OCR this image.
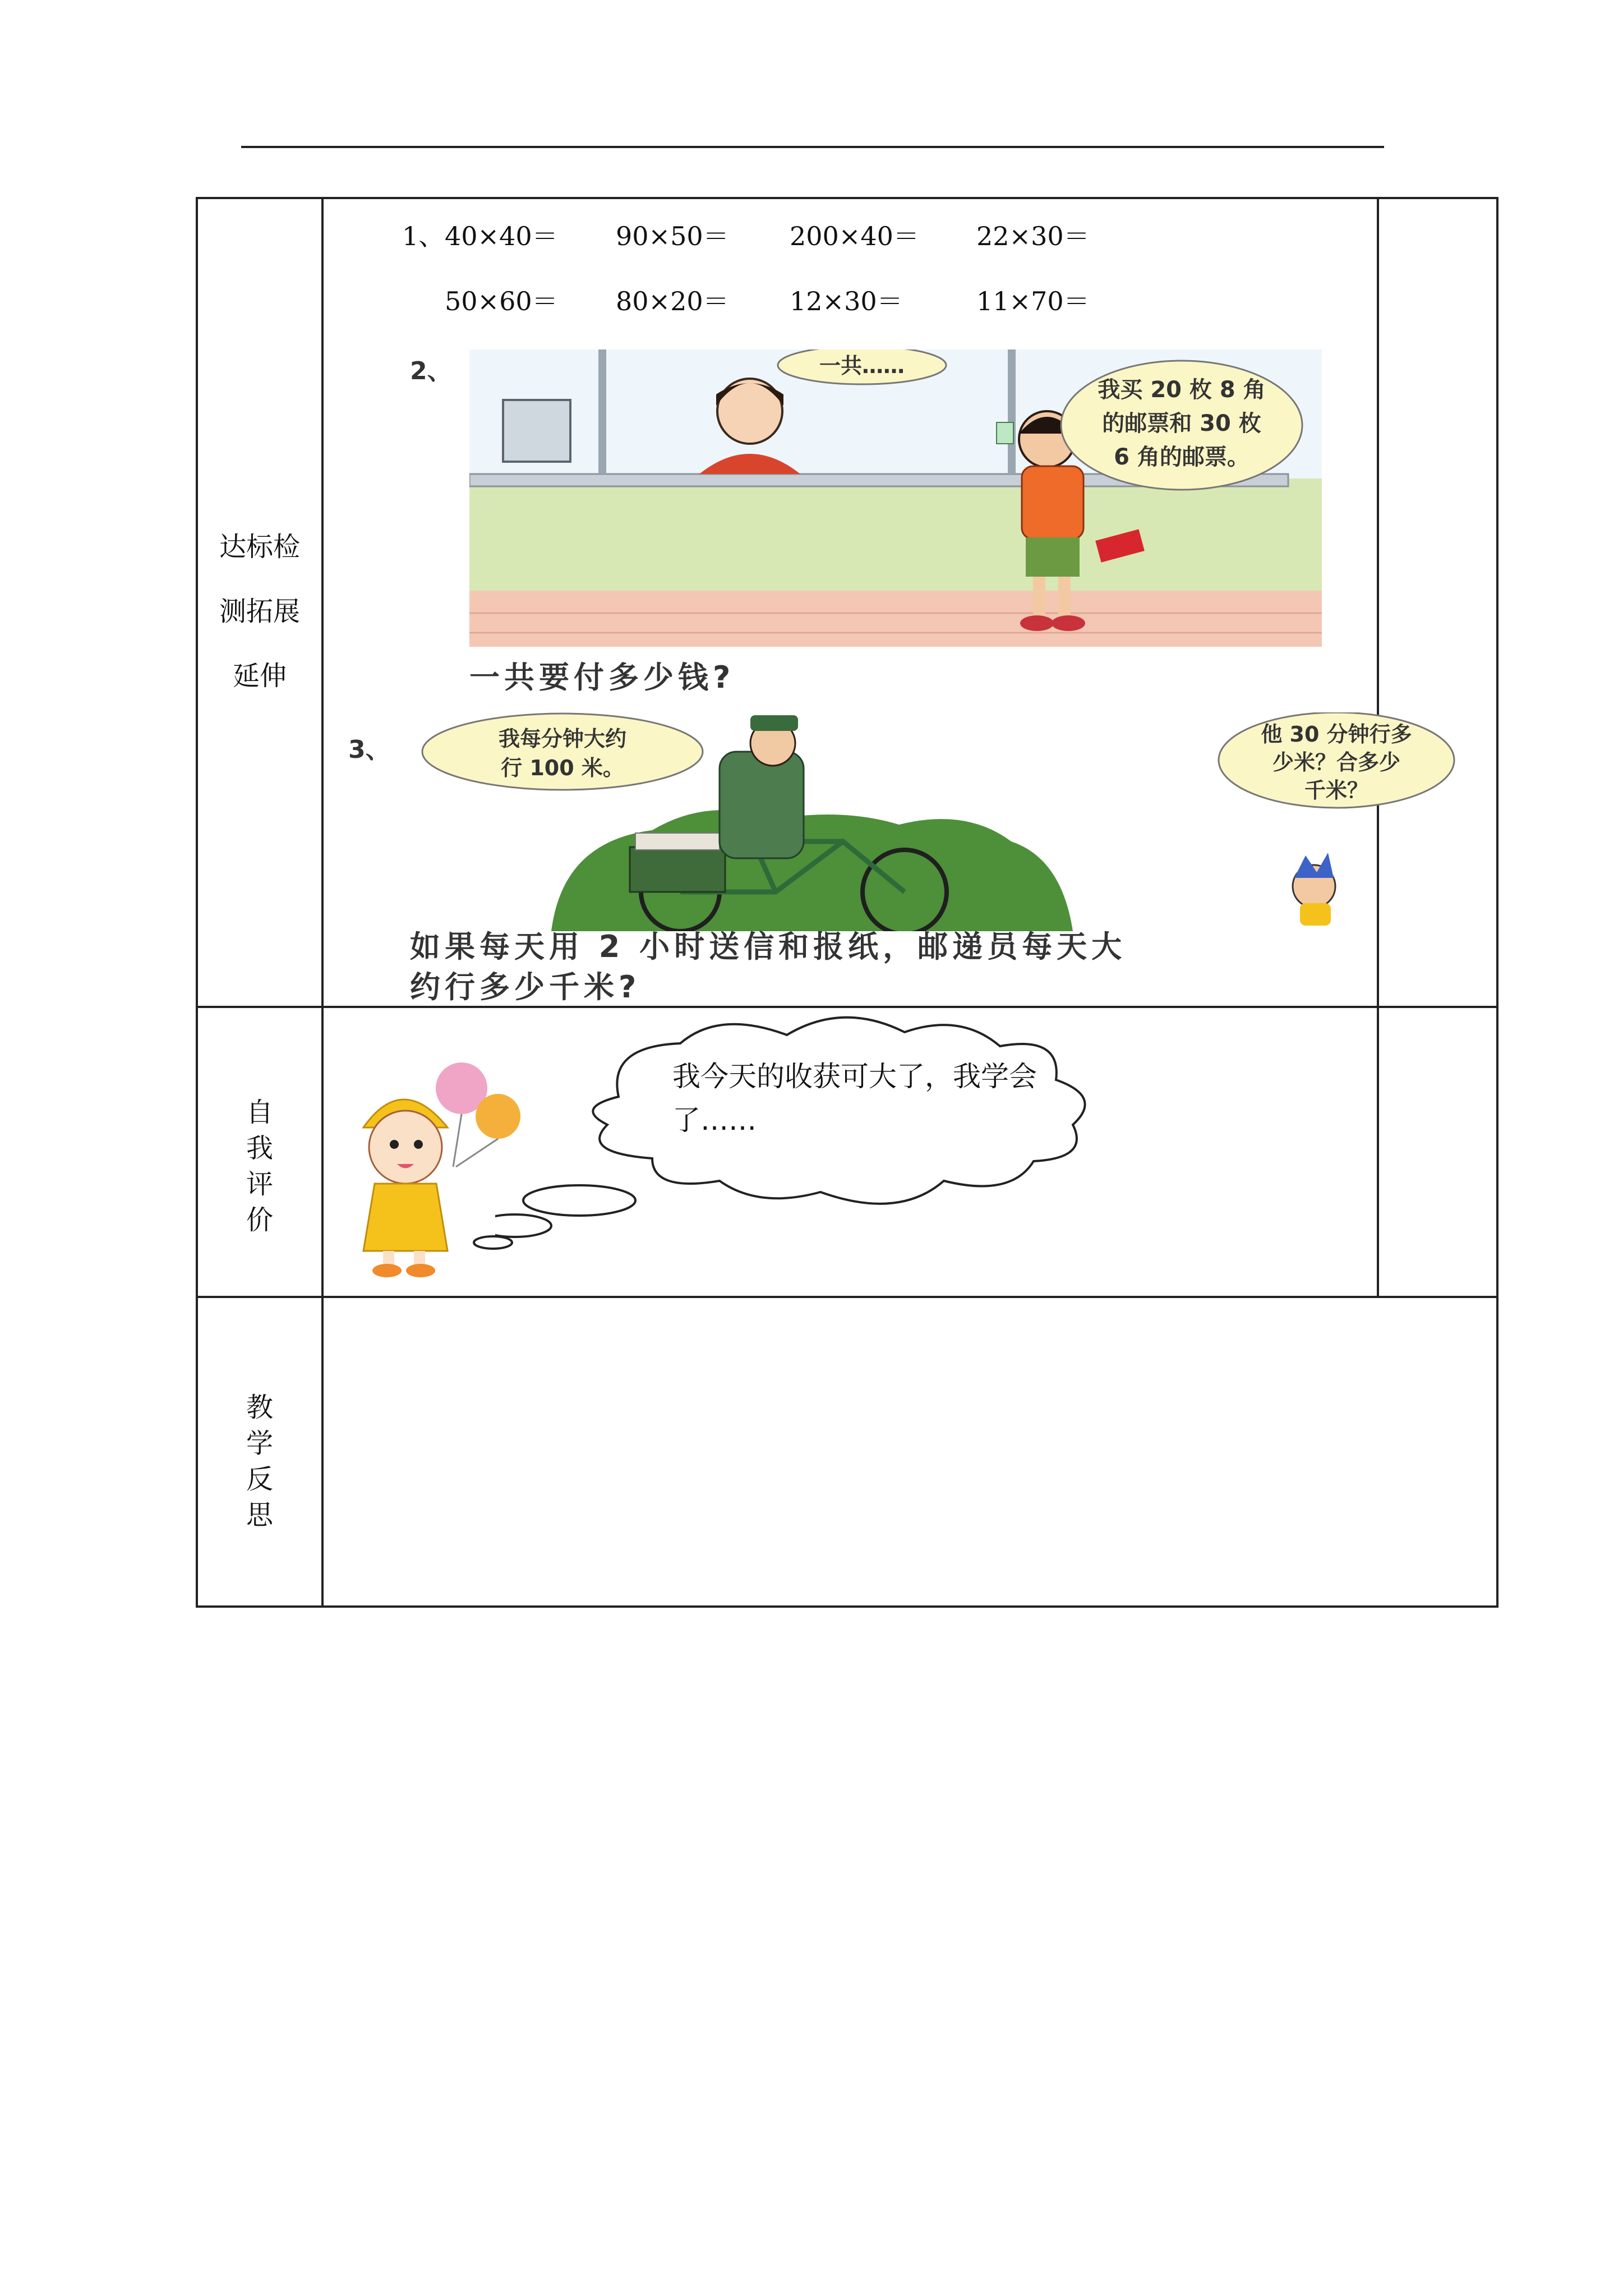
达标检
测拓展
延伸
自
我
评
价
教
学
反
思
1、 40×40＝ 90×50＝ 200×40＝ 22×30＝
50×60＝ 80×20＝ 12×30＝	11×70＝
2、	一共……
我买 20 枚 8 角
的邮票和 30 枚
6 角的邮票。
一共要付多少钱?
3、	我每分钟大约
行 100 米。
他 30 分钟行多
少米？合多少
千米？
如果每天用 2 小时送信和报纸，邮递员每天大
约行多少千米?
我今天的收获可大了，我学会了……
